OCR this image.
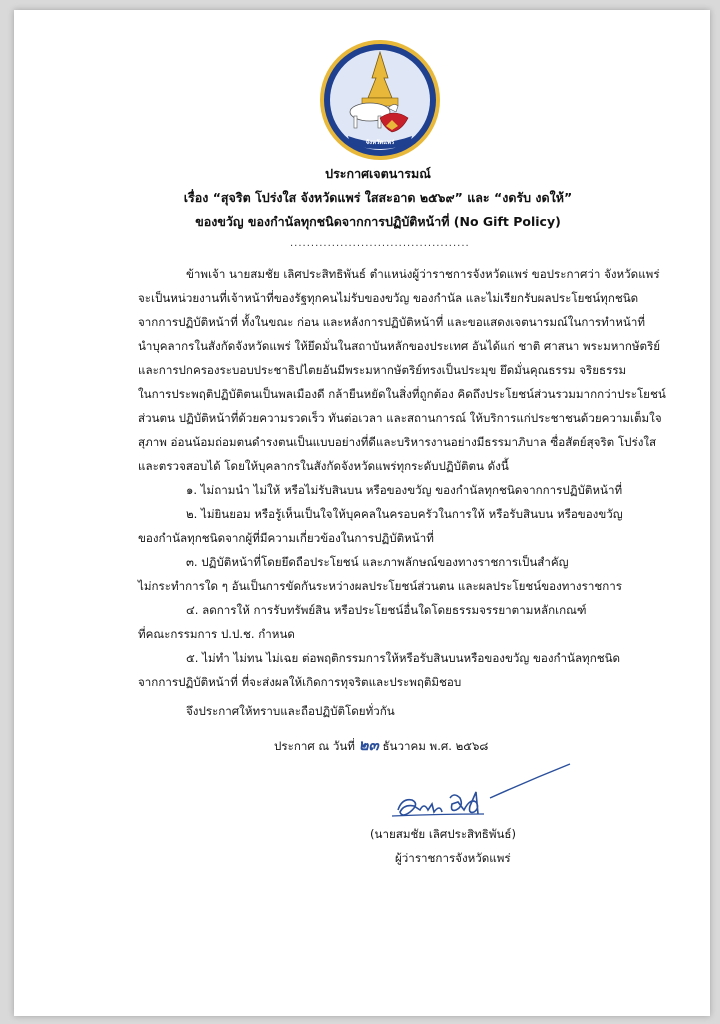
จังหวัดแพร่
ประกาศเจตนารมณ์
เรื่อง “สุจริต โปร่งใส จังหวัดแพร่ ใสสะอาด ๒๕๖๙” และ “งดรับ งดให้”
ของขวัญ ของกำนัลทุกชนิดจากการปฏิบัติหน้าที่ (No Gift Policy)
...........................................
ข้าพเจ้า นายสมชัย เลิศประสิทธิพันธ์ ตำแหน่งผู้ว่าราชการจังหวัดแพร่ ขอประกาศว่า จังหวัดแพร่
จะเป็นหน่วยงานที่เจ้าหน้าที่ของรัฐทุกคนไม่รับของขวัญ ของกำนัล และไม่เรียกรับผลประโยชน์ทุกชนิด
จากการปฏิบัติหน้าที่ ทั้งในขณะ ก่อน และหลังการปฏิบัติหน้าที่ และขอแสดงเจตนารมณ์ในการทำหน้าที่
นำบุคลากรในสังกัดจังหวัดแพร่ ให้ยึดมั่นในสถาบันหลักของประเทศ อันได้แก่ ชาติ ศาสนา พระมหากษัตริย์
และการปกครองระบอบประชาธิปไตยอันมีพระมหากษัตริย์ทรงเป็นประมุข ยึดมั่นคุณธรรม จริยธรรม
ในการประพฤติปฏิบัติตนเป็นพลเมืองดี กล้ายืนหยัดในสิ่งที่ถูกต้อง คิดถึงประโยชน์ส่วนรวมมากกว่าประโยชน์
ส่วนตน ปฏิบัติหน้าที่ด้วยความรวดเร็ว ทันต่อเวลา และสถานการณ์ ให้บริการแก่ประชาชนด้วยความเต็มใจ
สุภาพ อ่อนน้อมถ่อมตนดำรงตนเป็นแบบอย่างที่ดีและบริหารงานอย่างมีธรรมาภิบาล ซื่อสัตย์สุจริต โปร่งใส
และตรวจสอบได้ โดยให้บุคลากรในสังกัดจังหวัดแพร่ทุกระดับปฏิบัติตน ดังนี้
๑. ไม่ถามนำ ไม่ให้ หรือไม่รับสินบน หรือของขวัญ ของกำนัลทุกชนิดจากการปฏิบัติหน้าที่
๒. ไม่ยินยอม หรือรู้เห็นเป็นใจให้บุคคลในครอบครัวในการให้ หรือรับสินบน หรือของขวัญ
ของกำนัลทุกชนิดจากผู้ที่มีความเกี่ยวข้องในการปฏิบัติหน้าที่
๓. ปฏิบัติหน้าที่โดยยึดถือประโยชน์ และภาพลักษณ์ของทางราชการเป็นสำคัญ
ไม่กระทำการใด ๆ อันเป็นการขัดกันระหว่างผลประโยชน์ส่วนตน และผลประโยชน์ของทางราชการ
๔. ลดการให้ การรับทรัพย์สิน หรือประโยชน์อื่นใดโดยธรรมจรรยาตามหลักเกณฑ์
ที่คณะกรรมการ ป.ป.ช. กำหนด
๕. ไม่ทำ ไม่ทน ไม่เฉย ต่อพฤติกรรมการให้หรือรับสินบนหรือของขวัญ ของกำนัลทุกชนิด
จากการปฏิบัติหน้าที่ ที่จะส่งผลให้เกิดการทุจริตและประพฤติมิชอบ
จึงประกาศให้ทราบและถือปฏิบัติโดยทั่วกัน
ประกาศ ณ วันที่ ๒๓ ธันวาคม พ.ศ. ๒๕๖๘
(นายสมชัย เลิศประสิทธิพันธ์)
ผู้ว่าราชการจังหวัดแพร่
